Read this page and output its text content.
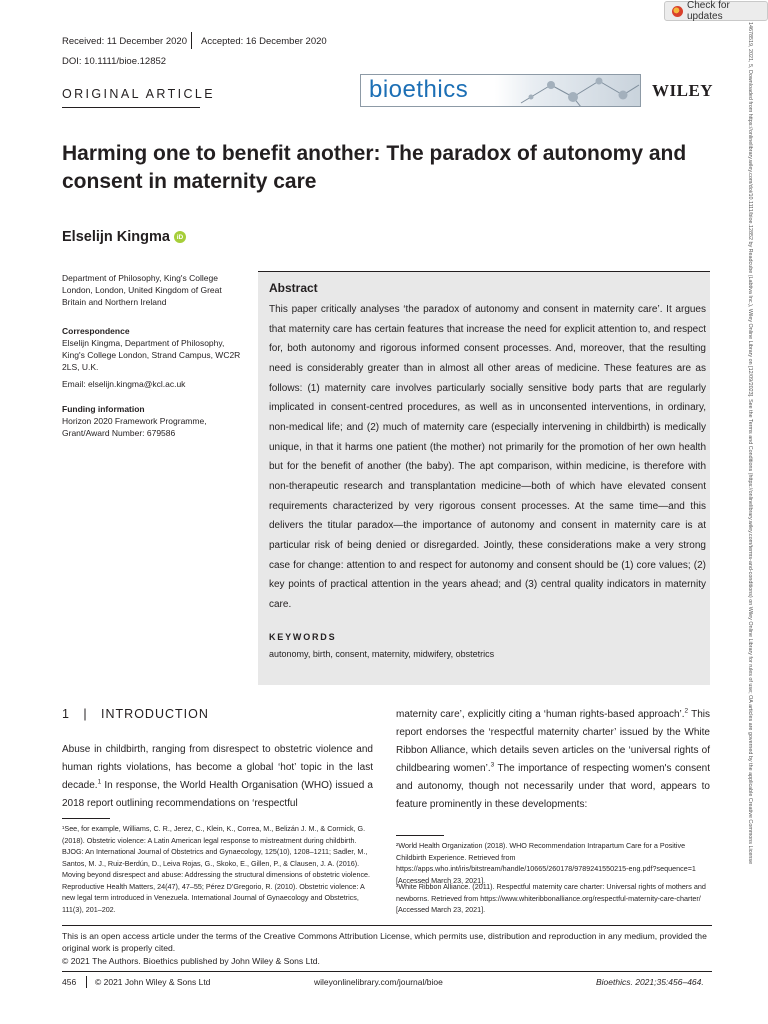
Check for updates
14678519, 2021, 5, Downloaded from https://onlinelibrary.wiley.com/doi/10.1111/bioe.12852 by Readcube (Labtiva Inc.), Wiley Online Library on [12/09/2023]. See the Terms and Conditions (https://onlinelibrary.wiley.com/terms-and-conditions) on Wiley Online Library for rules of use; OA articles are governed by the applicable Creative Commons License
Received: 11 December 2020 Accepted: 16 December 2020
DOI: 10.1111/bioe.12852
ORIGINAL ARTICLE	bioethics	WILEY
Harming one to benefit another: The paradox of autonomy and consent in maternity care
Elselijn Kingma	iD
Department of Philosophy, King's College London, London, United Kingdom of Great Britain and Northern Ireland
Correspondence
Elselijn Kingma, Department of Philosophy, King's College London, Strand Campus, WC2R 2LS, U.K.
Email: elselijn.kingma@kcl.ac.uk
Funding information
Horizon 2020 Framework Programme, Grant/Award Number: 679586
Abstract

This paper critically analyses ‘the paradox of autonomy and consent in maternity care’. It argues that maternity care has certain features that increase the need for explicit attention to, and respect for, both autonomy and rigorous informed consent processes. And, moreover, that the resulting need is considerably greater than in almost all other areas of medicine. These features are as follows: (1) maternity care involves particularly socially sensitive body parts that are regularly implicated in consent‐centred procedures, as well as in unconsented interventions, in ordinary, non‐medical life; and (2) much of maternity care (especially intervening in childbirth) is medically unique, in that it harms one patient (the mother) not primarily for the promotion of her own health but for the benefit of another (the baby). The apt comparison, within medicine, is therefore with non‐therapeutic research and transplantation medicine—both of which have elevated consent requirements characterized by very rigorous consent processes. At the same time—and this delivers the titular paradox—the importance of autonomy and consent in maternity care is at particular risk of being denied or disregarded. Jointly, these considerations make a very strong case for change: attention to and respect for autonomy and consent should be (1) core values; (2) key points of practical attention in the years ahead; and (3) central quality indicators in maternity care.

KEYWORDS
autonomy, birth, consent, maternity, midwifery, obstetrics
1 | INTRODUCTION
Abuse in childbirth, ranging from disrespect to obstetric violence and human rights violations, has become a global ‘hot’ topic in the last decade.$^1$ In response, the World Health Organisation (WHO) issued a 2018 report outlining recommendations on ‘respectful
maternity care’, explicitly citing a ‘human rights‐based approach’.$^2$ This report endorses the ‘respectful maternity charter’ issued by the White Ribbon Alliance, which details seven articles on the ‘universal rights of childbearing women’.$^3$ The importance of respecting women's consent and autonomy, though not necessarily under that word, appears to feature prominently in these developments:
¹See, for example, Williams, C. R., Jerez, C., Klein, K., Correa, M., Belizán J. M., & Cormick, G. (2018). Obstetric violence: A Latin American legal response to mistreatment during childbirth. BJOG: An International Journal of Obstetrics and Gynaecology, 125(10), 1208–1211; Sadler, M., Santos, M. J., Ruiz-Berdún, D., Leiva Rojas, G., Skoko, E., Gillen, P., & Clausen, J. A. (2016). Moving beyond disrespect and abuse: Addressing the structural dimensions of obstetric violence. Reproductive Health Matters, 24(47), 47–55; Pérez D’Gregorio, R. (2010). Obstetric violence: A new legal term introduced in Venezuela. International Journal of Gynaecology and Obstetrics, 111(3), 201–202.
²World Health Organization (2018). WHO Recommendation Intrapartum Care for a Positive Childbirth Experience. Retrieved from https://apps.who.int/iris/bitstream/handle/10665/260178/9789241550215-eng.pdf?sequence=1 [Accessed March 23, 2021].
³White Ribbon Alliance. (2011). Respectful maternity care charter: Universal rights of mothers and newborns. Retrieved from https://www.whiteribbonalliance.org/respectful-maternity-care-charter/ [Accessed March 23, 2021].
This is an open access article under the terms of the Creative Commons Attribution License, which permits use, distribution and reproduction in any medium, provided the original work is properly cited.
© 2021 The Authors. Bioethics published by John Wiley & Sons Ltd.
456 © 2021 John Wiley & Sons Ltd	wileyonlinelibrary.com/journal/bioe	Bioethics. 2021;35:456–464.
